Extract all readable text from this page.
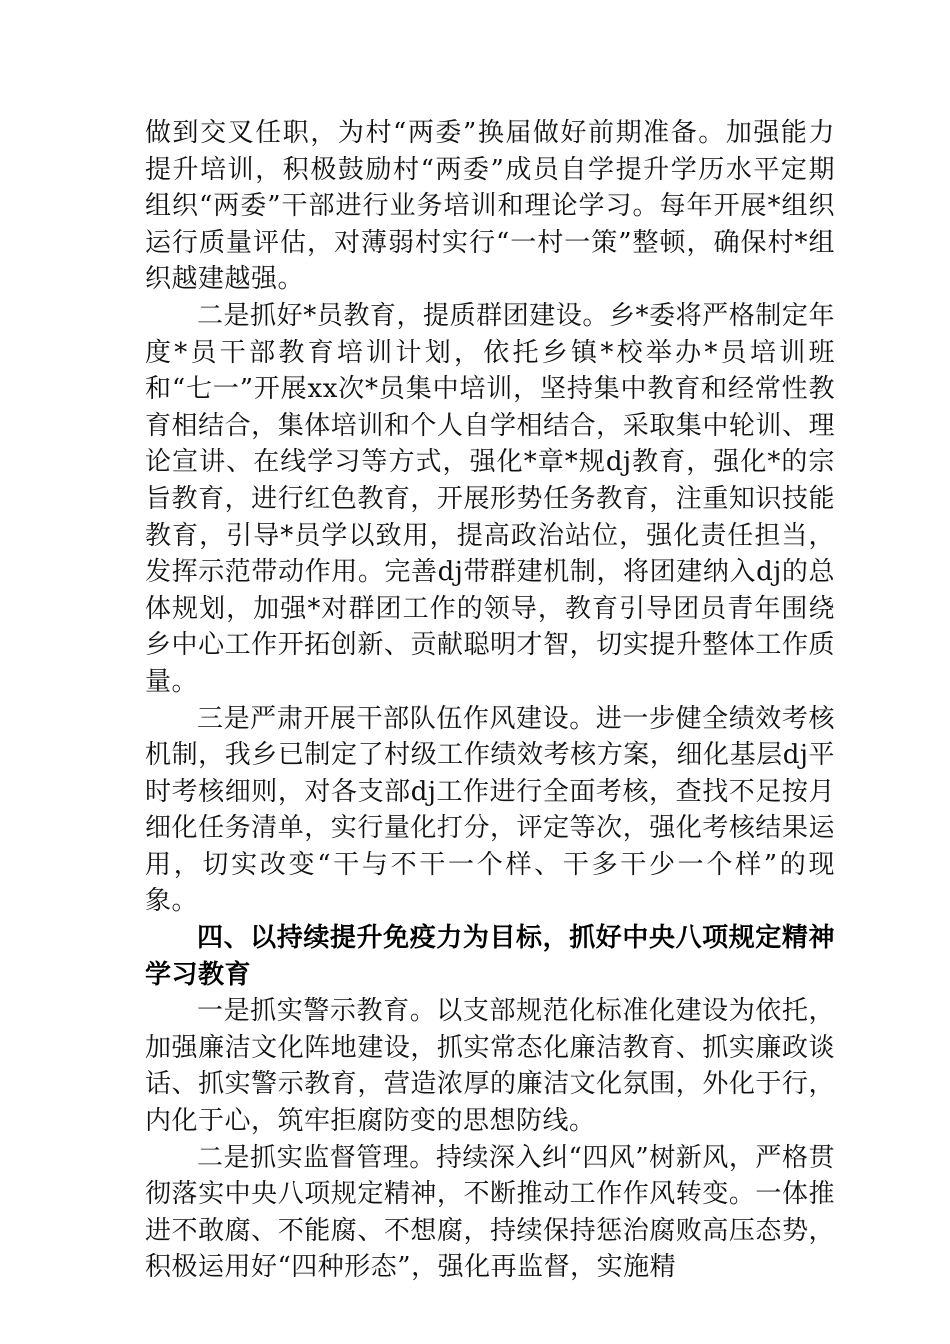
做到交叉任职，为村“两委”换届做好前期准备。加强能力提升培训，积极鼓励村“两委”成员自学提升学历水平定期组织“两委”干部进行业务培训和理论学习。每年开展*组织运行质量评估，对薄弱村实行“一村一策”整顿，确保村*组织越建越强。

二是抓好*员教育，提质群团建设。乡*委将严格制定年度*员干部教育培训计划，依托乡镇*校举办*员培训班和“七一”开展xx次*员集中培训，坚持集中教育和经常性教育相结合，集体培训和个人自学相结合，采取集中轮训、理论宣讲、在线学习等方式，强化*章*规dj教育，强化*的宗旨教育，进行红色教育，开展形势任务教育，注重知识技能教育，引导*员学以致用，提高政治站位，强化责任担当，发挥示范带动作用。完善dj带群建机制，将团建纳入dj的总体规划，加强*对群团工作的领导，教育引导团员青年围绕乡中心工作开拓创新、贡献聪明才智，切实提升整体工作质量。

三是严肃开展干部队伍作风建设。进一步健全绩效考核机制，我乡已制定了村级工作绩效考核方案，细化基层dj平时考核细则，对各支部dj工作进行全面考核，查找不足按月细化任务清单，实行量化打分，评定等次，强化考核结果运用，切实改变“干与不干一个样、干多干少一个样”的现象。

四、以持续提升免疫力为目标，抓好中央八项规定精神学习教育

一是抓实警示教育。以支部规范化标准化建设为依托，加强廉洁文化阵地建设，抓实常态化廉洁教育、抓实廉政谈话、抓实警示教育，营造浓厚的廉洁文化氛围，外化于行，内化于心，筑牢拒腐防变的思想防线。

二是抓实监督管理。持续深入纠“四风”树新风，严格贯彻落实中央八项规定精神，不断推动工作作风转变。一体推进不敢腐、不能腐、不想腐，持续保持惩治腐败高压态势，积极运用好“四种形态”，强化再监督，实施精
